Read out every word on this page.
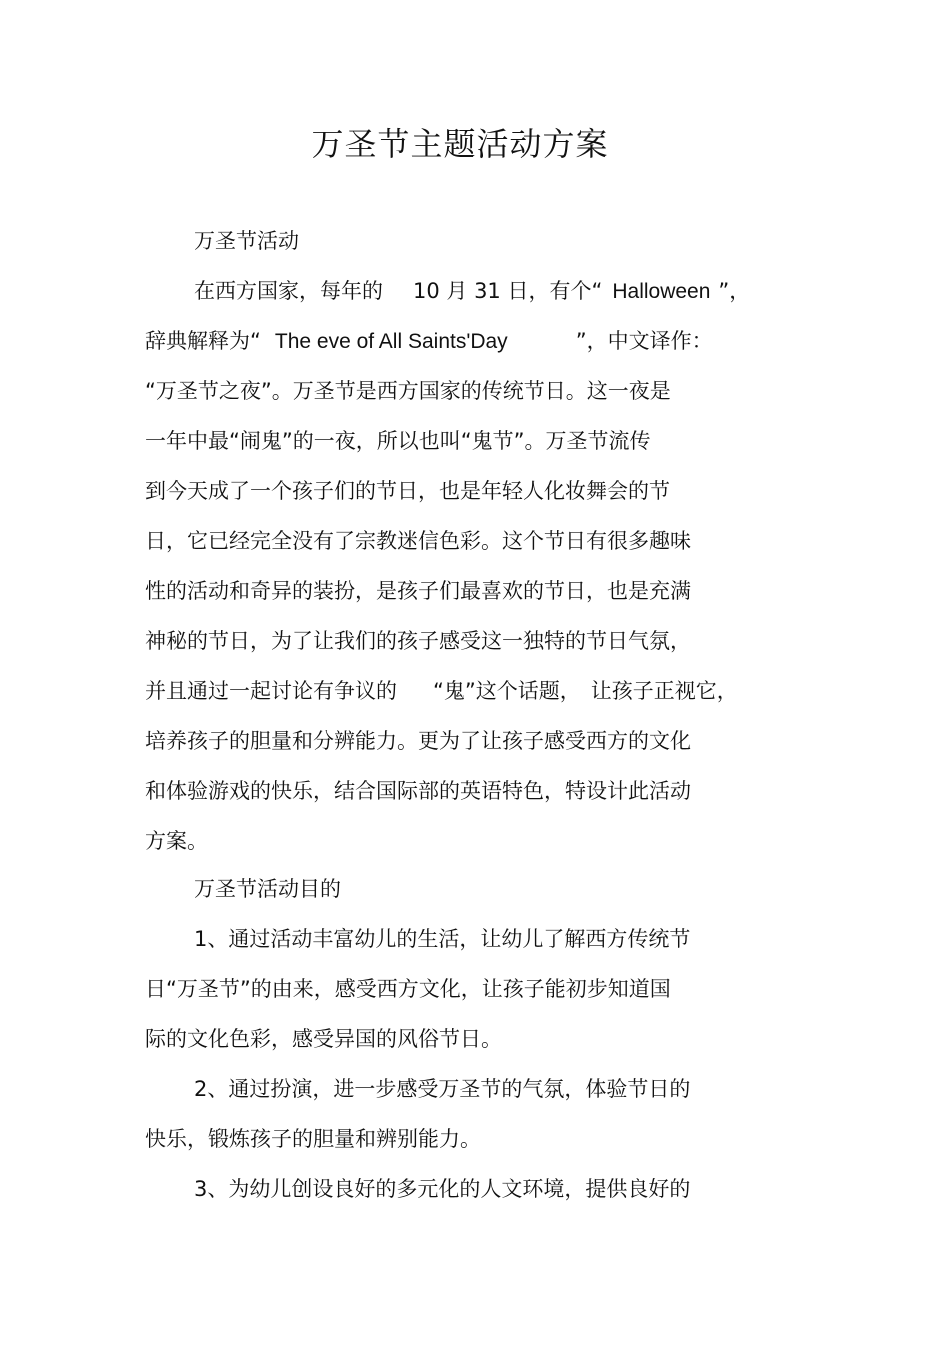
万圣节主题活动方案
万圣节活动
在西方国家，每年的 10 月 31 日，有个“ Halloween ”，
辞典解释为“ The eve of All Saints'Day	”，中文译作：
“万圣节之夜”。万圣节是西方国家的传统节日。这一夜是
一年中最“闹鬼”的一夜，所以也叫“鬼节”。万圣节流传
到今天成了一个孩子们的节日，也是年轻人化妆舞会的节
日，它已经完全没有了宗教迷信色彩。这个节日有很多趣味
性的活动和奇异的装扮，是孩子们最喜欢的节日，也是充满
神秘的节日，为了让我们的孩子感受这一独特的节日气氛，
并且通过一起讨论有争议的 “鬼”这个话题， 让孩子正视它，
培养孩子的胆量和分辨能力。更为了让孩子感受西方的文化
和体验游戏的快乐，结合国际部的英语特色，特设计此活动
方案。
万圣节活动目的
1、通过活动丰富幼儿的生活，让幼儿了解西方传统节
日“万圣节”的由来，感受西方文化，让孩子能初步知道国
际的文化色彩，感受异国的风俗节日。
2、通过扮演，进一步感受万圣节的气氛，体验节日的
快乐，锻炼孩子的胆量和辨别能力。
3、为幼儿创设良好的多元化的人文环境，提供良好的
